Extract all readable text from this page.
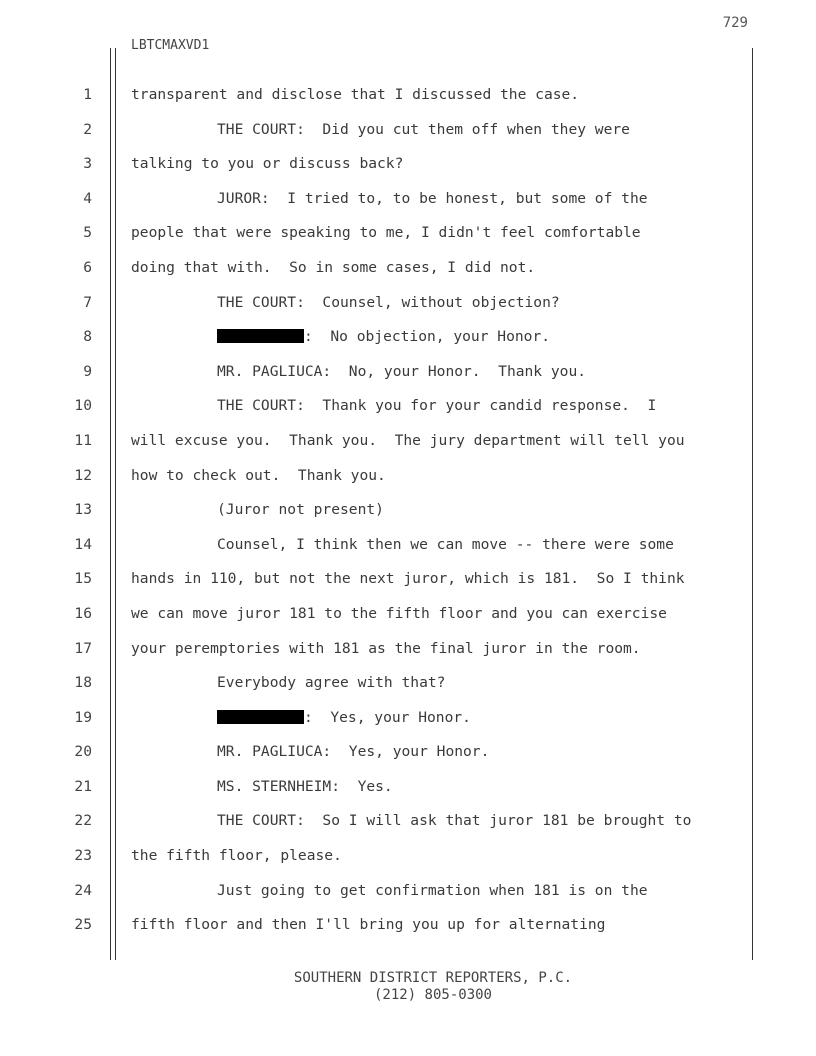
729
LBTCMAXVD1
1	transparent and disclose that I discussed the case.
2	THE COURT:  Did you cut them off when they were
3	talking to you or discuss back?
4	JUROR:  I tried to, to be honest, but some of the
5	people that were speaking to me, I didn't feel comfortable
6	doing that with.  So in some cases, I did not.
7	THE COURT:  Counsel, without objection?
8	:  No objection, your Honor.
9	MR. PAGLIUCA:  No, your Honor.  Thank you.
10	THE COURT:  Thank you for your candid response.  I
11	will excuse you.  Thank you.  The jury department will tell you
12	how to check out.  Thank you.
13	(Juror not present)
14	Counsel, I think then we can move -- there were some
15	hands in 110, but not the next juror, which is 181.  So I think
16	we can move juror 181 to the fifth floor and you can exercise
17	your peremptories with 181 as the final juror in the room.
18	Everybody agree with that?
19	:  Yes, your Honor.
20	MR. PAGLIUCA:  Yes, your Honor.
21	MS. STERNHEIM:  Yes.
22	THE COURT:  So I will ask that juror 181 be brought to
23	the fifth floor, please.
24	Just going to get confirmation when 181 is on the
25	fifth floor and then I'll bring you up for alternating
SOUTHERN DISTRICT REPORTERS, P.C.
(212) 805-0300
